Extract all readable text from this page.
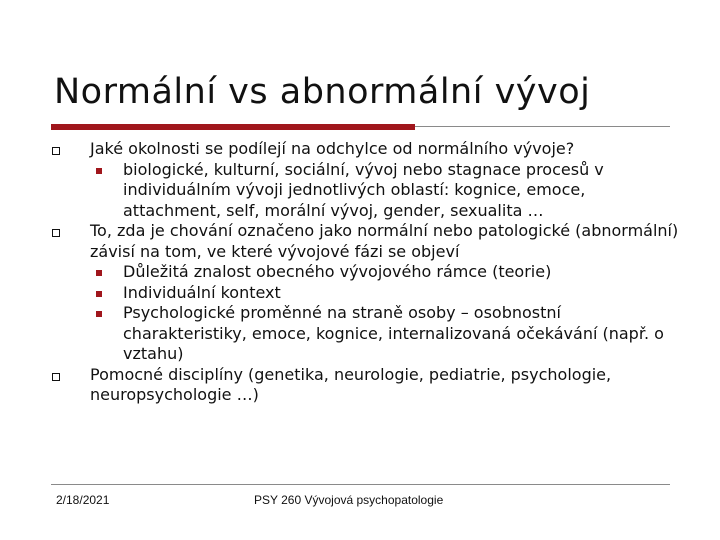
Normální vs abnormální vývoj
Jaké okolnosti se podílejí na odchylce od normálního vývoje?
biologické, kulturní, sociální, vývoj nebo stagnace procesů v individuálním vývoji jednotlivých oblastí: kognice, emoce, attachment, self, morální vývoj, gender, sexualita …
To, zda je chování označeno jako normální nebo patologické (abnormální) závisí na tom, ve které vývojové fázi se objeví
Důležitá znalost obecného vývojového rámce (teorie)
Individuální kontext
Psychologické proměnné na straně osoby – osobnostní charakteristiky, emoce, kognice, internalizovaná očekávání (např. o vztahu)
Pomocné disciplíny (genetika, neurologie, pediatrie, psychologie, neuropsychologie …)
2/18/2021	PSY 260 Vývojová psychopatologie
